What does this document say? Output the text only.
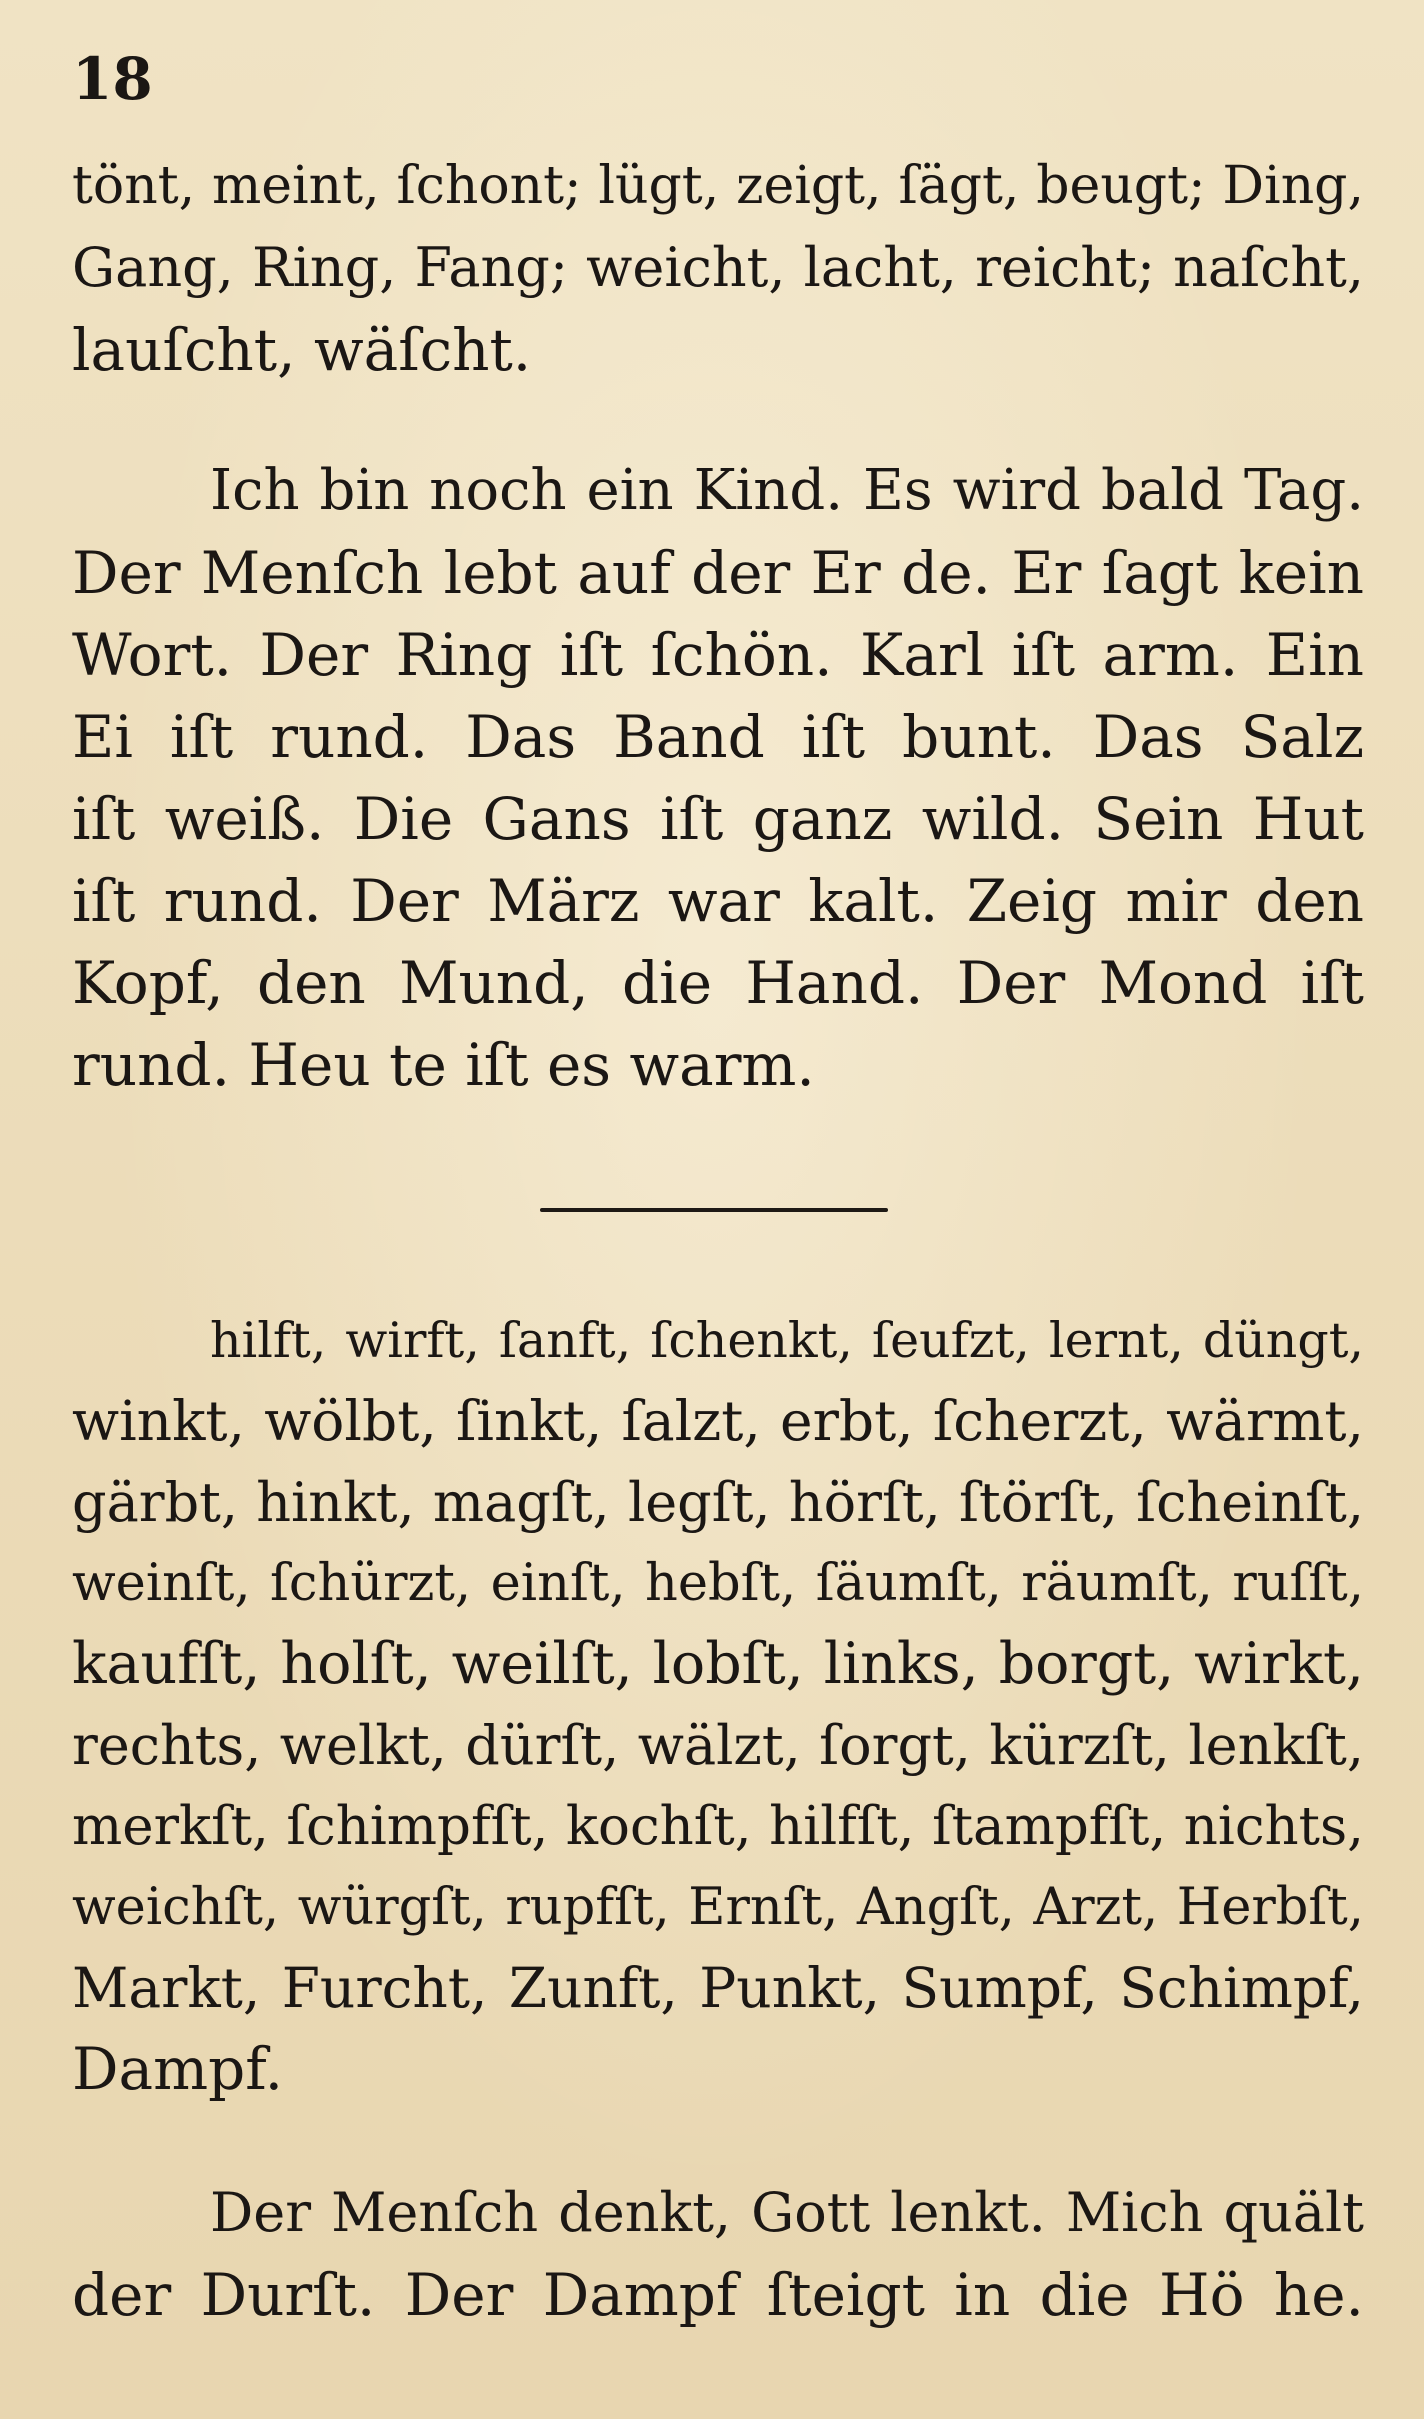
18
tönt, meint, ſchont; lügt, zeigt, ſägt, beugt; Ding,
Gang, Ring, Fang; weicht, lacht, reicht; naſcht,
lauſcht, wäſcht.
Ich bin noch ein Kind. Es wird bald Tag.
Der Menſch lebt auf der Er de. Er ſagt kein
Wort. Der Ring iſt ſchön. Karl iſt arm. Ein
Ei iſt rund. Das Band iſt bunt. Das Salz
iſt weiß. Die Gans iſt ganz wild. Sein Hut
iſt rund. Der März war kalt. Zeig mir den
Kopf, den Mund, die Hand. Der Mond iſt
rund. Heu te iſt es warm.
hilft, wirft, ſanft, ſchenkt, ſeufzt, lernt, düngt,
winkt, wölbt, ſinkt, ſalzt, erbt, ſcherzt, wärmt,
gärbt, hinkt, magſt, legſt, hörſt, ſtörſt, ſcheinſt,
weinſt, ſchürzt, einſt, hebſt, ſäumſt, räumſt, ruſſt,
kaufſt, holſt, weilſt, lobſt, links, borgt, wirkt,
rechts, welkt, dürſt, wälzt, ſorgt, kürzſt, lenkſt,
merkſt, ſchimpfſt, kochſt, hilfſt, ſtampfſt, nichts,
weichſt, würgſt, rupfſt, Ernſt, Angſt, Arzt, Herbſt,
Markt, Furcht, Zunft, Punkt, Sumpf, Schimpf,
Dampf.
Der Menſch denkt, Gott lenkt. Mich quält
der Durſt. Der Dampf ſteigt in die Hö he.
